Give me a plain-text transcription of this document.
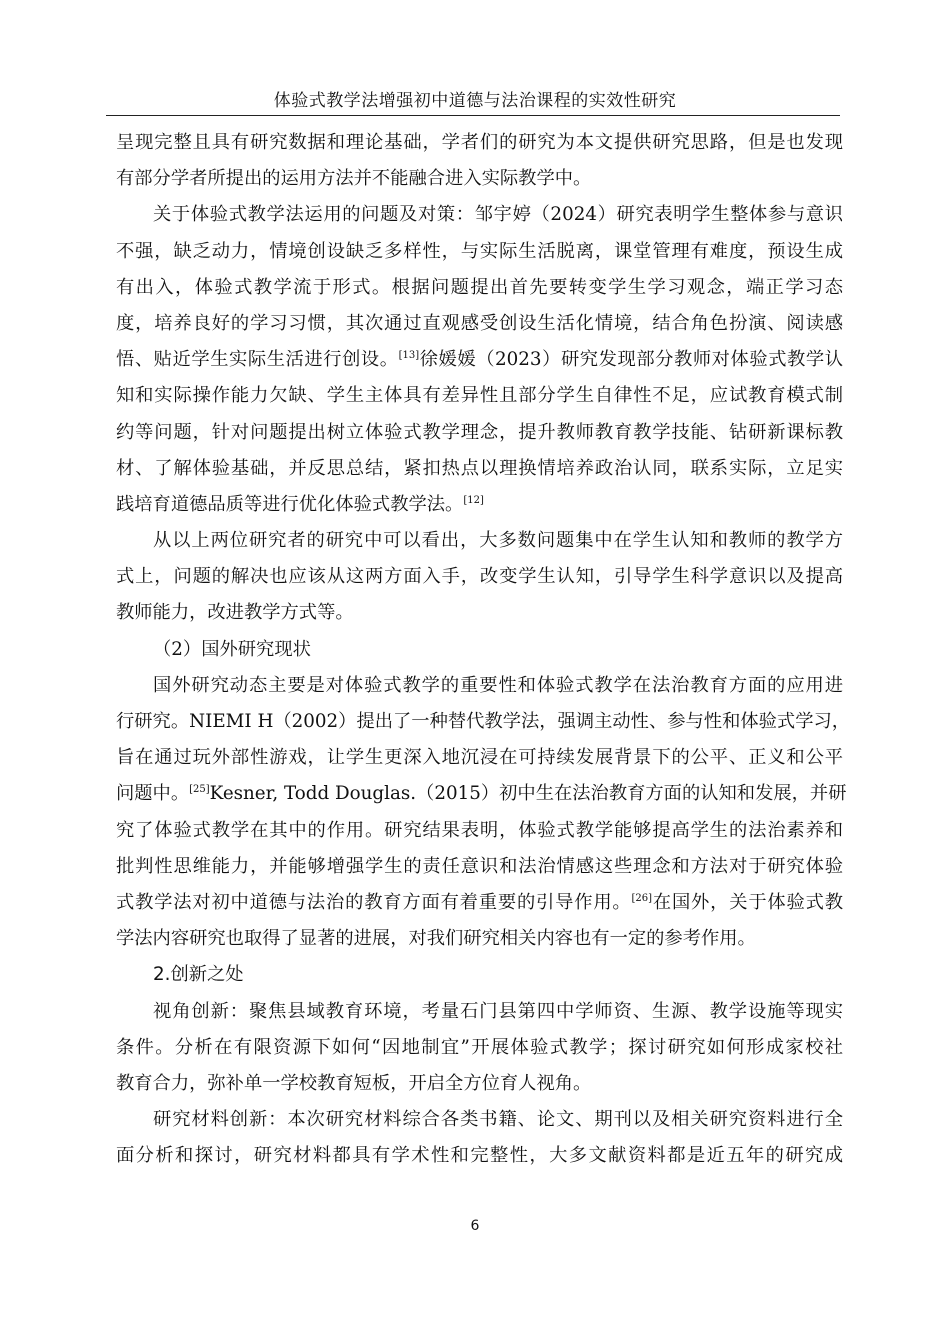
体验式教学法增强初中道德与法治课程的实效性研究
呈现完整且具有研究数据和理论基础，学者们的研究为本文提供研究思路，但是也发现
有部分学者所提出的运用方法并不能融合进入实际教学中。
关于体验式教学法运用的问题及对策：邹宇婷（2024）研究表明学生整体参与意识
不强，缺乏动力，情境创设缺乏多样性，与实际生活脱离，课堂管理有难度，预设生成
有出入，体验式教学流于形式。根据问题提出首先要转变学生学习观念，端正学习态
度，培养良好的学习习惯，其次通过直观感受创设生活化情境，结合角色扮演、阅读感
悟、贴近学生实际生活进行创设。[13]徐媛媛（2023）研究发现部分教师对体验式教学认
知和实际操作能力欠缺、学生主体具有差异性且部分学生自律性不足，应试教育模式制
约等问题，针对问题提出树立体验式教学理念，提升教师教育教学技能、钻研新课标教
材、了解体验基础，并反思总结，紧扣热点以理换情培养政治认同，联系实际，立足实
践培育道德品质等进行优化体验式教学法。[12]
从以上两位研究者的研究中可以看出，大多数问题集中在学生认知和教师的教学方
式上，问题的解决也应该从这两方面入手，改变学生认知，引导学生科学意识以及提高
教师能力，改进教学方式等。
（2）国外研究现状
国外研究动态主要是对体验式教学的重要性和体验式教学在法治教育方面的应用进
行研究。NIEMI H（2002）提出了一种替代教学法，强调主动性、参与性和体验式学习，
旨在通过玩外部性游戏，让学生更深入地沉浸在可持续发展背景下的公平、正义和公平
问题中。[25]Kesner, Todd Douglas.（2015）初中生在法治教育方面的认知和发展，并研
究了体验式教学在其中的作用。研究结果表明，体验式教学能够提高学生的法治素养和
批判性思维能力，并能够增强学生的责任意识和法治情感这些理念和方法对于研究体验
式教学法对初中道德与法治的教育方面有着重要的引导作用。[26]在国外，关于体验式教
学法内容研究也取得了显著的进展，对我们研究相关内容也有一定的参考作用。
2.创新之处
视角创新：聚焦县域教育环境，考量石门县第四中学师资、生源、教学设施等现实
条件。分析在有限资源下如何“因地制宜”开展体验式教学；探讨研究如何形成家校社
教育合力，弥补单一学校教育短板，开启全方位育人视角。
研究材料创新：本次研究材料综合各类书籍、论文、期刊以及相关研究资料进行全
面分析和探讨，研究材料都具有学术性和完整性，大多文献资料都是近五年的研究成
6
